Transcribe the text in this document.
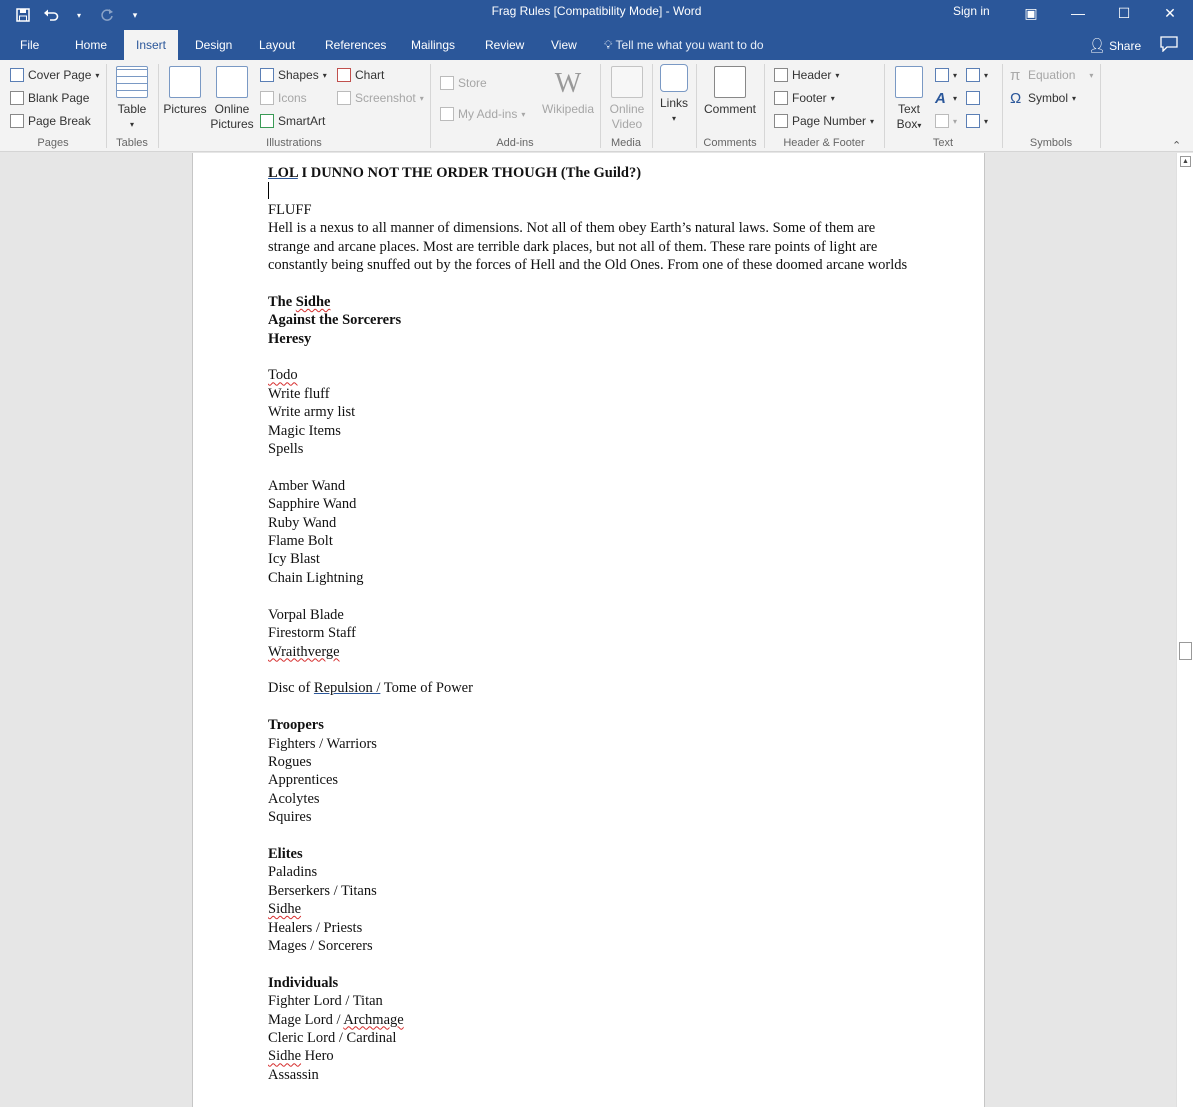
▾	▾	Frag Rules [Compatibility Mode] - Word	Sign in	▣	—	☐	✕
File	Home	Insert	Design	Layout	References	Mailings	Review	View	💡︎ Tell me what you want to do	👤︎ Share
Cover Page ▾
Blank Page
Page Break
Pages
Table
▾
Tables
Pictures Online
Pictures
Shapes ▾
Icons
SmartArt
Chart
Screenshot ▾
Illustrations
Store
My Add-ins ▾
W
Wikipedia
Add-ins
Online
Video
Media
Links
▾
Comment
Comments
Header ▾
Footer ▾
Page Number ▾
Header & Footer
Text
Box▾
▾
A ▾
▾
▾
▾
Text
π Equation ▾
Ω Symbol ▾
Symbols	⌃

LOL I DUNNO NOT THE ORDER THOUGH (The Guild?)

FLUFF

Hell is a nexus to all manner of dimensions. Not all of them obey Earth’s natural laws. Some of them are strange and arcane places. Most are terrible dark places, but not all of them. These rare points of light are constantly being snuffed out by the forces of Hell and the Old Ones. From one of these doomed arcane worlds

The Sidhe

Against the Sorcerers

Heresy

Todo

Write fluff

Write army list

Magic Items

Spells

Amber Wand

Sapphire Wand

Ruby Wand

Flame Bolt

Icy Blast

Chain Lightning

Vorpal Blade

Firestorm Staff

Wraithverge

Disc of Repulsion / Tome of Power

Troopers

Fighters / Warriors

Rogues

Apprentices

Acolytes

Squires

Elites

Paladins

Berserkers / Titans

Sidhe

Healers / Priests

Mages / Sorcerers

Individuals

Fighter Lord / Titan

Mage Lord / Archmage

Cleric Lord / Cardinal

Sidhe Hero

Assassin

▲
